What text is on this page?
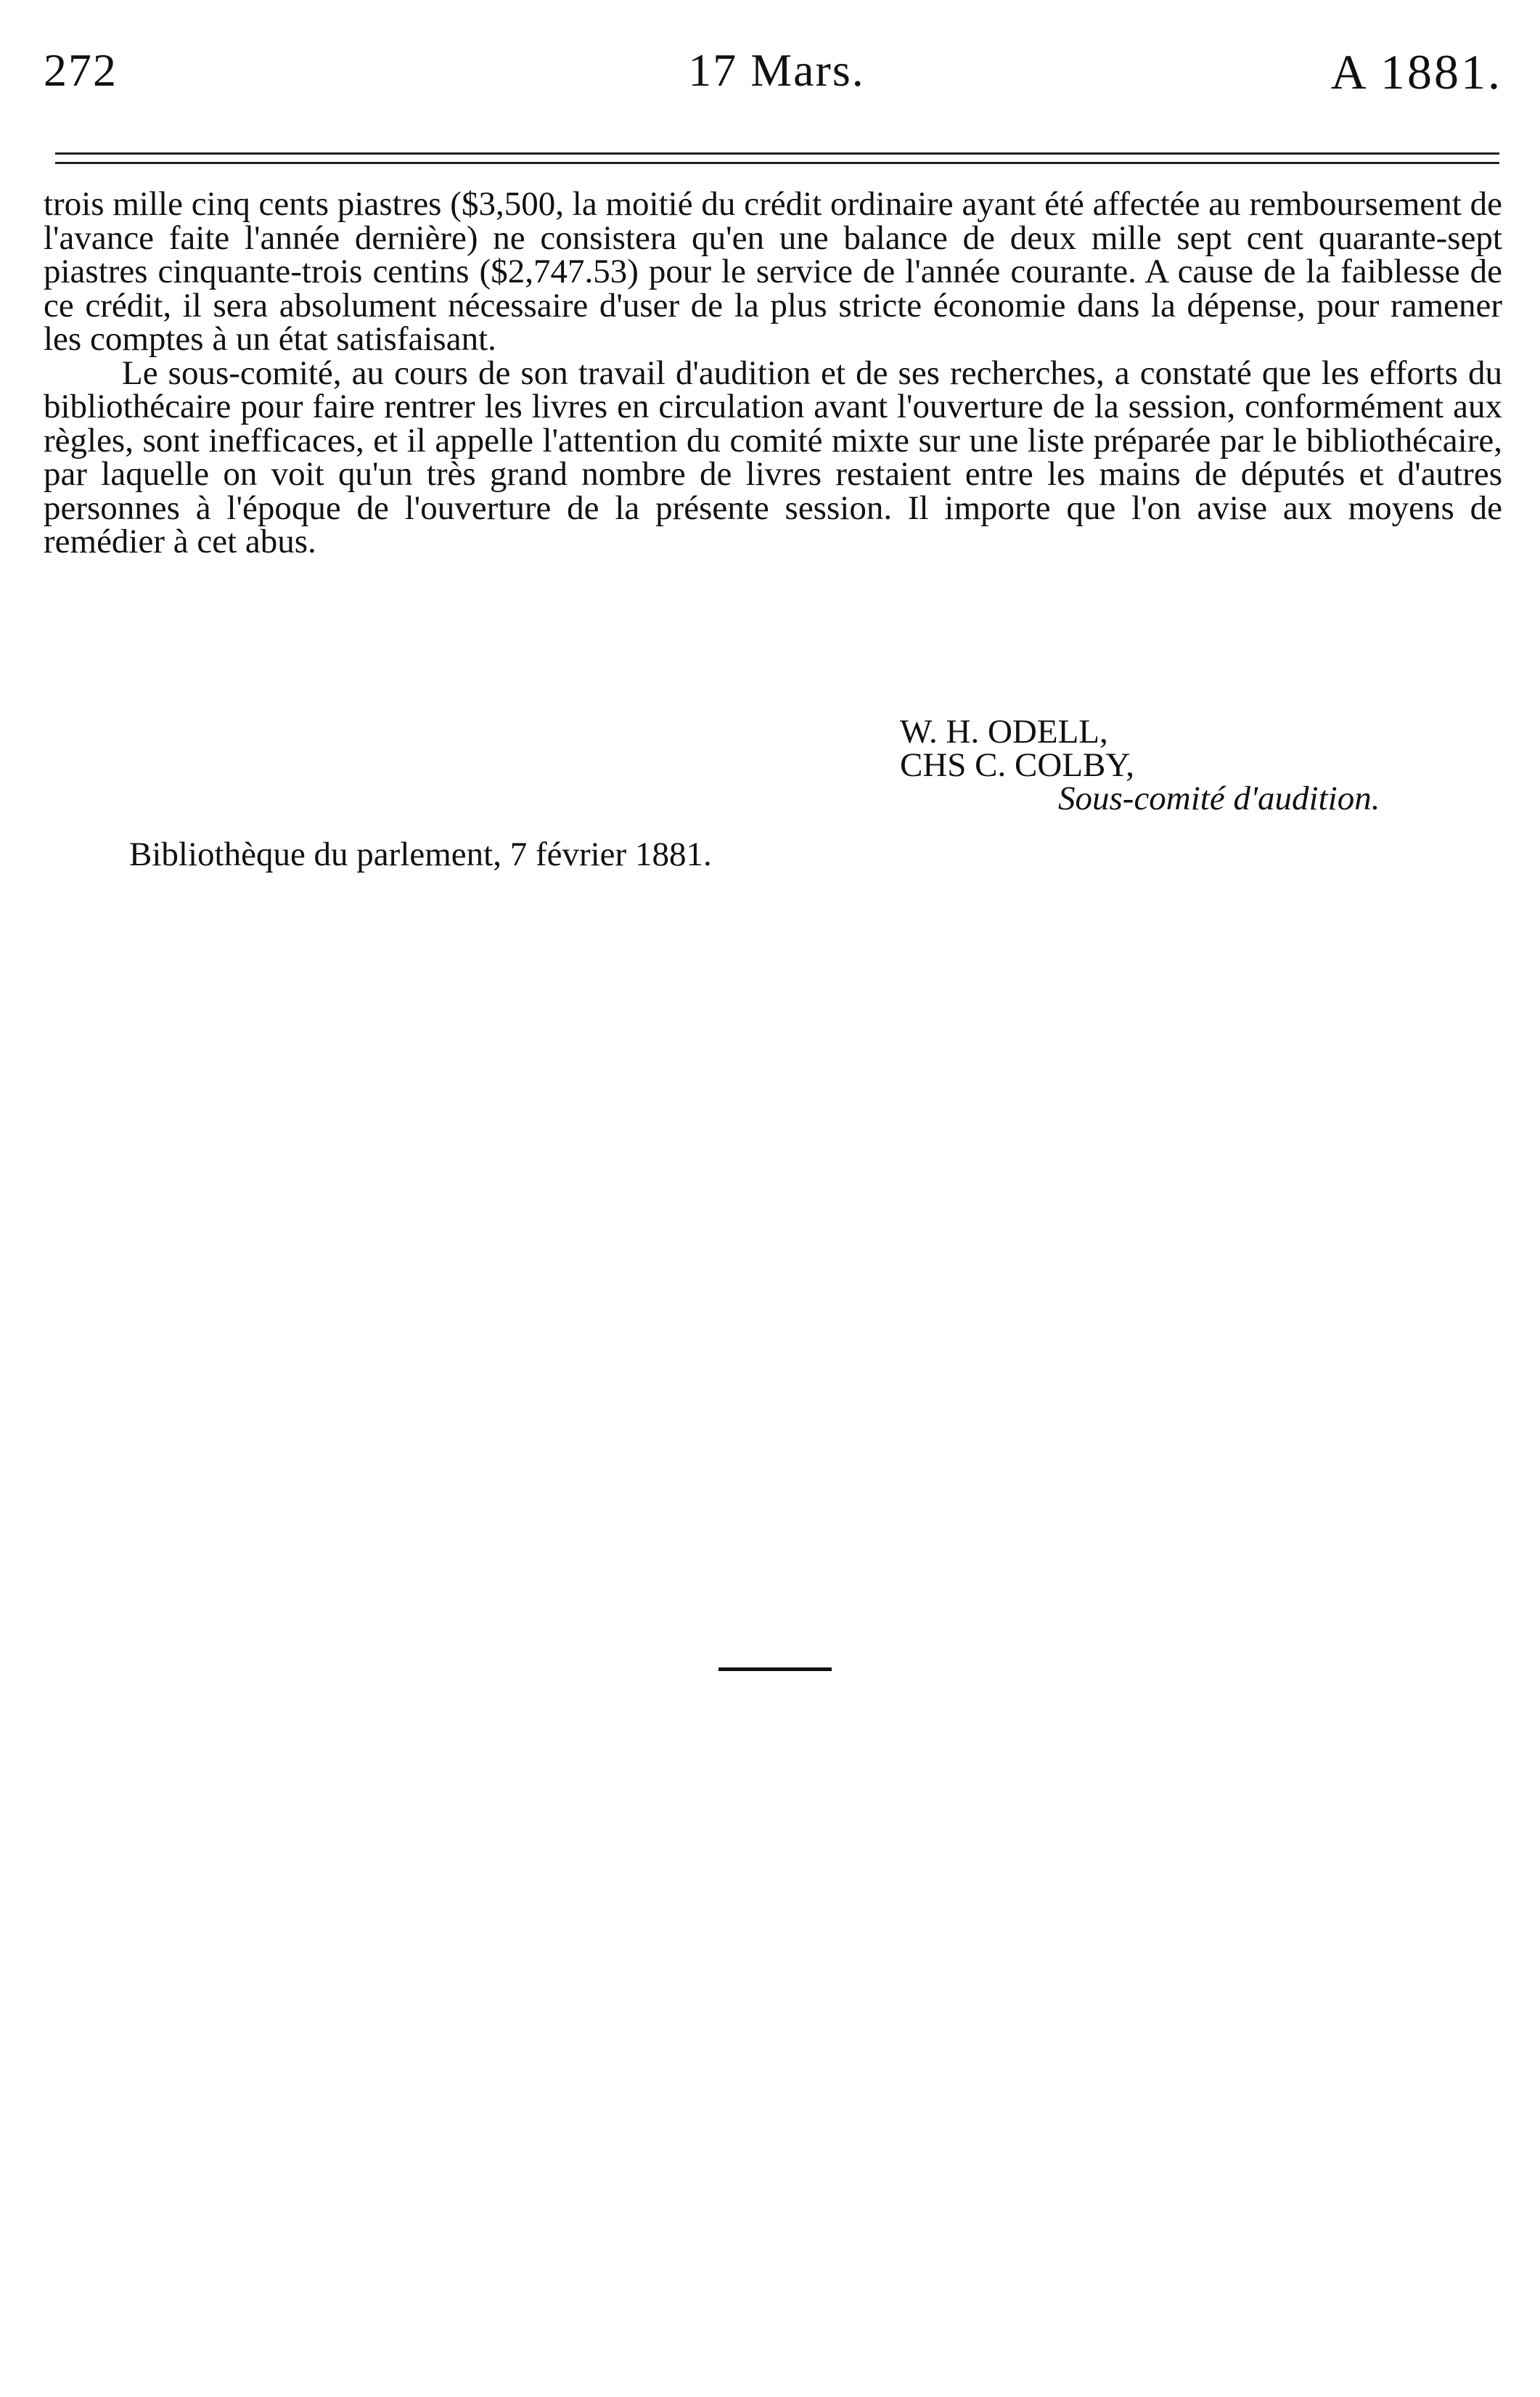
272	17 Mars.	A 1881.

trois mille cinq cents piastres ($3,500, la moitié du crédit ordinaire ayant été affectée au remboursement de l'avance faite l'année dernière) ne consistera qu'en une balance de deux mille sept cent quarante-sept piastres cinquante-trois centins ($2,747.53) pour le service de l'année courante. A cause de la faiblesse de ce crédit, il sera absolument nécessaire d'user de la plus stricte économie dans la dépense, pour ramener les comptes à un état satisfaisant.

Le sous-comité, au cours de son travail d'audition et de ses recherches, a constaté que les efforts du bibliothécaire pour faire rentrer les livres en circulation avant l'ouverture de la session, conformément aux règles, sont inefficaces, et il appelle l'attention du comité mixte sur une liste préparée par le bibliothécaire, par laquelle on voit qu'un très grand nombre de livres restaient entre les mains de députés et d'autres personnes à l'époque de l'ouverture de la présente session. Il importe que l'on avise aux moyens de remédier à cet abus.

W. H. ODELL,
CHS C. COLBY,
Sous-comité d'audition.
Bibliothèque du parlement, 7 février 1881.
